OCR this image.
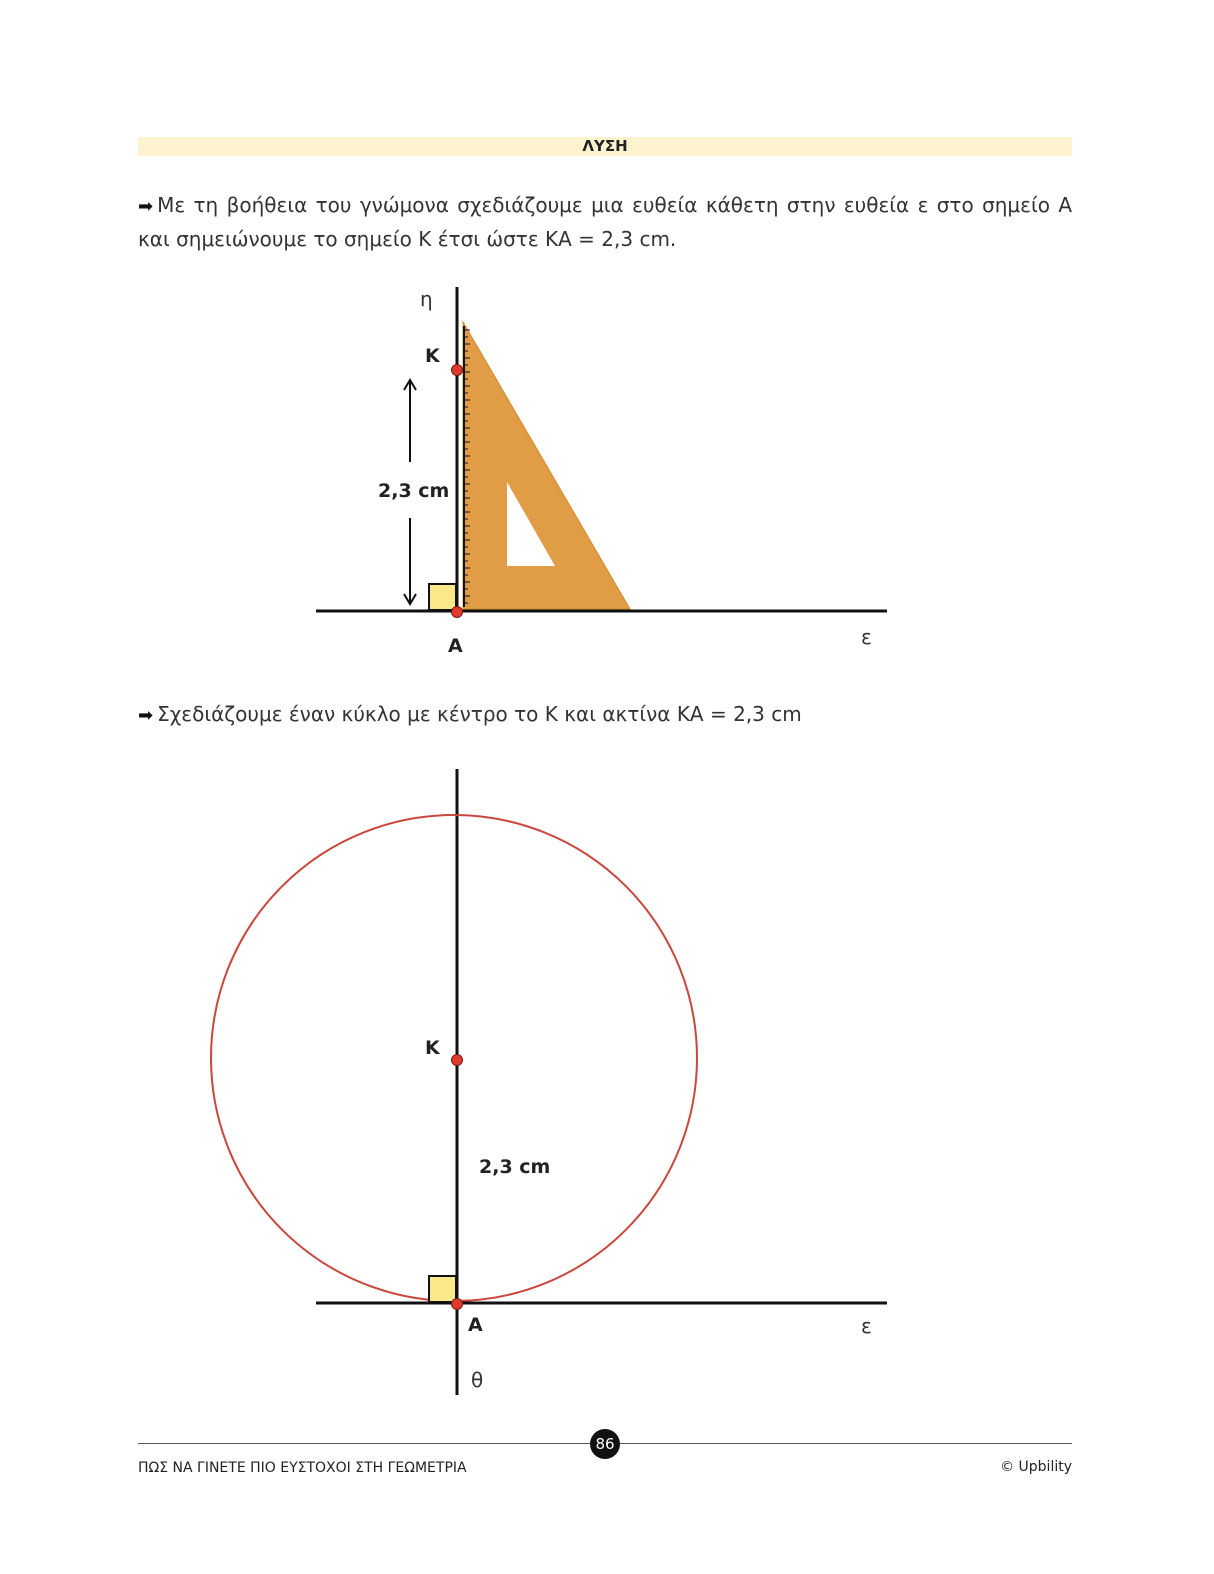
ΛΥΣΗ
➡ Με τη βοήθεια του γνώμονα σχεδιάζουμε μια ευθεία κάθετη στην ευθεία ε στο σημείο Α και σημειώνουμε το σημείο Κ έτσι ώστε ΚΑ = 2,3 cm.
η
K
2,3 cm
A	ε
➡ Σχεδιάζουμε έναν κύκλο με κέντρο το Κ και ακτίνα ΚΑ = 2,3 cm
K
2,3 cm
A	ε
θ
86
ΠΩΣ ΝΑ ΓΙΝΕΤΕ ΠΙΟ ΕΥΣΤΟΧΟΙ ΣΤΗ ΓΕΩΜΕΤΡΙΑ	© Upbility
